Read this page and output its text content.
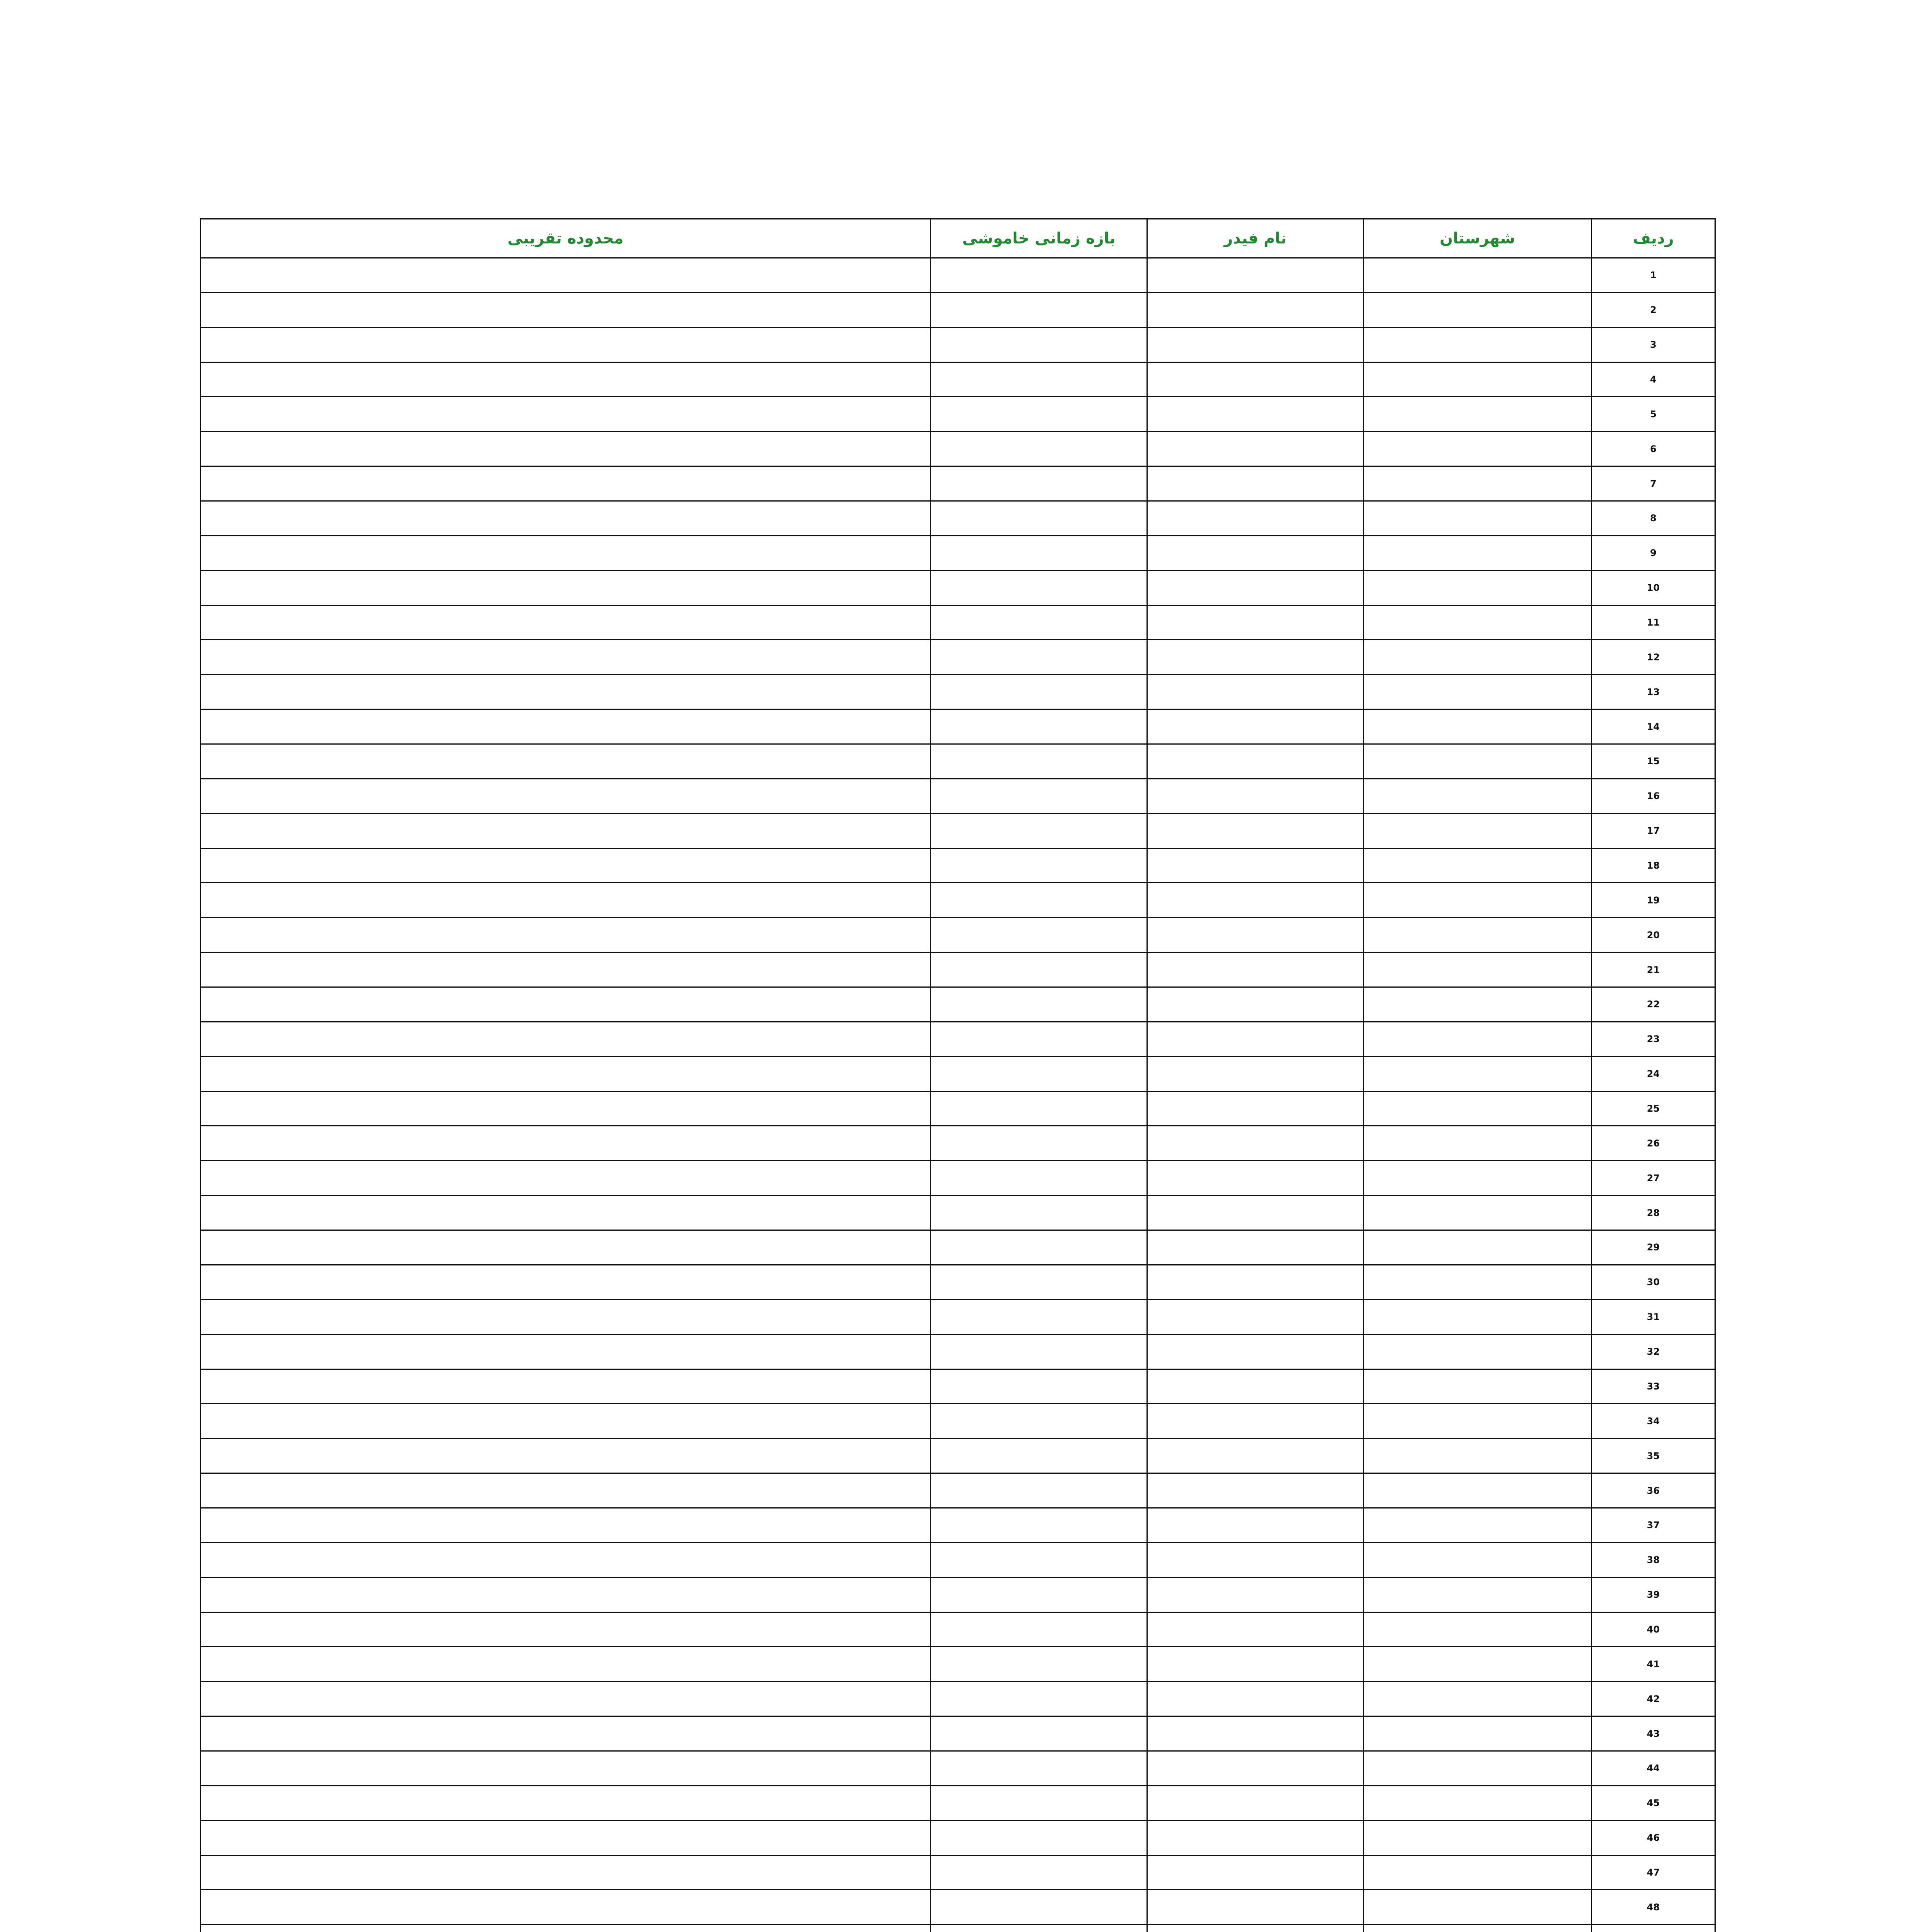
ردیف	شهرستان	نام فیدر	بازه زمانی خاموشی	محدوده تقریبی
1				
2				
3				
4				
5				
6				
7				
8				
9				
10				
11				
12				
13				
14				
15				
16				
17				
18				
19				
20				
21				
22				
23				
24				
25				
26				
27				
28				
29				
30				
31				
32				
33				
34				
35				
36				
37				
38				
39				
40				
41				
42				
43				
44				
45				
46				
47				
48				
